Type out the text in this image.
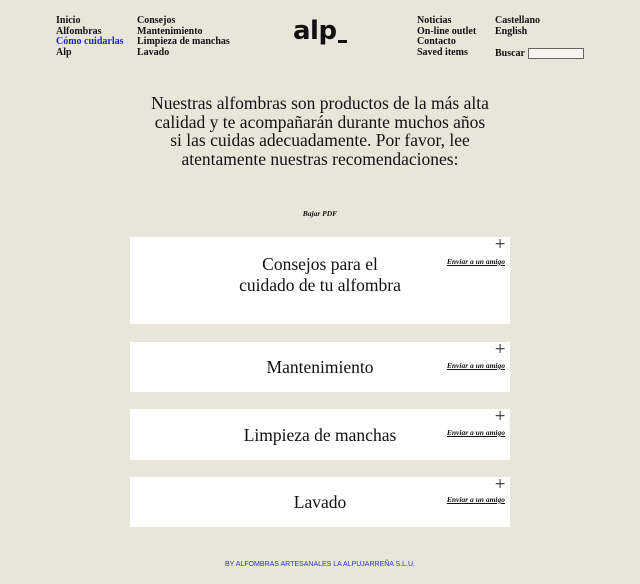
Inicio
Alfombras
Cómo cuidarlas
Alp
Consejos
Mantenimiento
Limpieza de manchas
Lavado
alp	Noticias
On-line outlet
Contacto
Saved items
Castellano
English
Buscar
Nuestras alfombras son productos de la más alta calidad y te acompañarán durante muchos años si las cuidas adecuadamente. Por favor, lee atentamente nuestras recomendaciones:
Bajar PDF
Consejos para el cuidado de tu alfombra
+
Enviar a un amigo
Mantenimiento
+
Enviar a un amigo
Limpieza de manchas
+
Enviar a un amigo
Lavado
+
Enviar a un amigo
BY ALFOMBRAS ARTESANALES LA ALPUJARREÑA S.L.U.
